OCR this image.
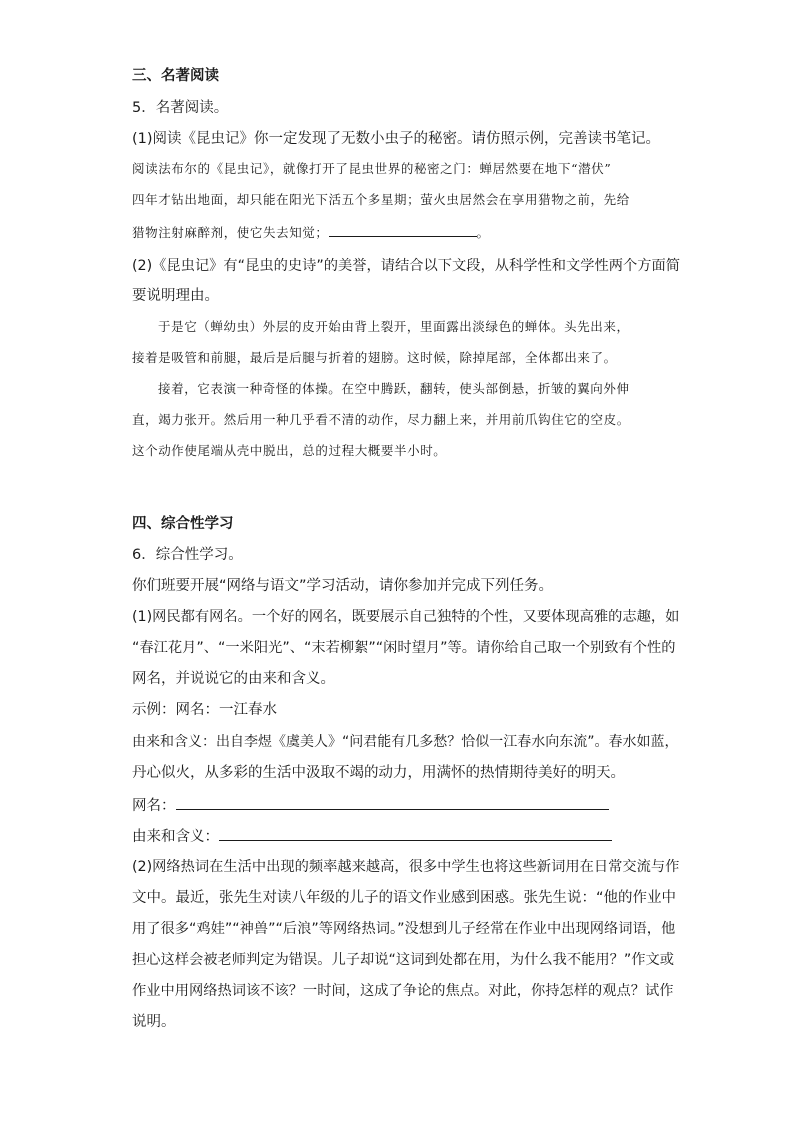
三、名著阅读
5．名著阅读。
(1)阅读《昆虫记》你一定发现了无数小虫子的秘密。请仿照示例，完善读书笔记。
阅读法布尔的《昆虫记》，就像打开了昆虫世界的秘密之门：蝉居然要在地下“潜伏”
四年才钻出地面，却只能在阳光下活五个多星期；萤火虫居然会在享用猎物之前，先给
猎物注射麻醉剂，使它失去知觉；	。
(2)《昆虫记》有“昆虫的史诗”的美誉，请结合以下文段，从科学性和文学性两个方面简
要说明理由。
于是它（蝉幼虫）外层的皮开始由背上裂开，里面露出淡绿色的蝉体。头先出来，
接着是吸管和前腿，最后是后腿与折着的翅膀。这时候，除掉尾部，全体都出来了。
接着，它表演一种奇怪的体操。在空中腾跃，翻转，使头部倒悬，折皱的翼向外伸
直，竭力张开。然后用一种几乎看不清的动作，尽力翻上来，并用前爪钩住它的空皮。
这个动作使尾端从壳中脱出，总的过程大概要半小时。
四、综合性学习
6．综合性学习。
你们班要开展“网络与语文”学习活动，请你参加并完成下列任务。
(1)网民都有网名。一个好的网名，既要展示自己独特的个性，又要体现高雅的志趣，如
“春江花月”、“一米阳光”、“末若柳絮”“闲时望月”等。请你给自己取一个别致有个性的
网名，并说说它的由来和含义。
示例：网名：一江春水
由来和含义：出自李煜《虞美人》“问君能有几多愁？恰似一江春水向东流”。春水如蓝，
丹心似火，从多彩的生活中汲取不竭的动力，用满怀的热情期待美好的明天。
网名：
由来和含义：
(2)网络热词在生活中出现的频率越来越高，很多中学生也将这些新词用在日常交流与作
文中。最近，张先生对读八年级的儿子的语文作业感到困惑。张先生说：“他的作业中
用了很多“鸡娃”“神兽”“后浪”等网络热词。”没想到儿子经常在作业中出现网络词语，他
担心这样会被老师判定为错误。儿子却说“这词到处都在用，为什么我不能用？”作文或
作业中用网络热词该不该？一时间，这成了争论的焦点。对此，你持怎样的观点？试作
说明。
